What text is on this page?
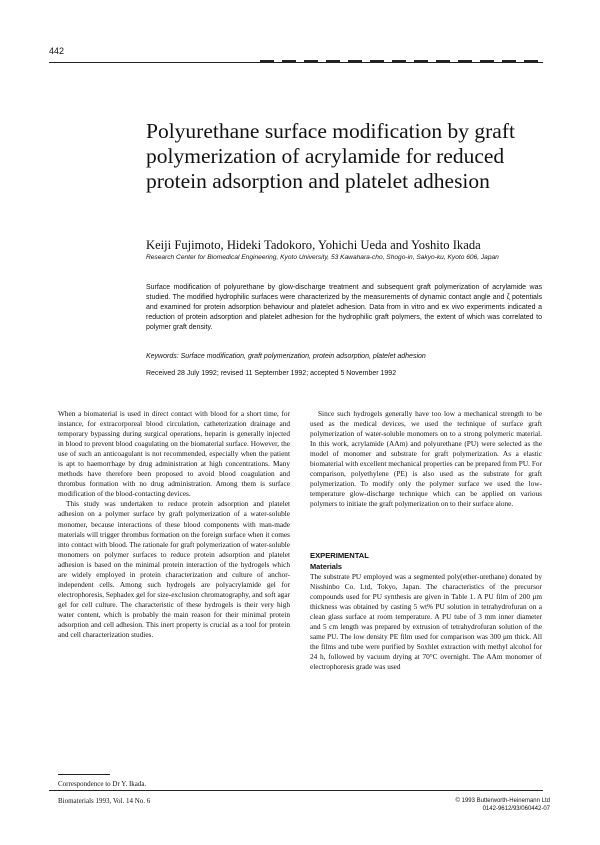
442
Polyurethane surface modification by graft polymerization of acrylamide for reduced protein adsorption and platelet adhesion
Keiji Fujimoto, Hideki Tadokoro, Yohichi Ueda and Yoshito Ikada
Research Center for Biomedical Engineering, Kyoto University, 53 Kawahara-cho, Shogo-in, Sakyo-ku, Kyoto 606, Japan

Surface modification of polyurethane by glow-discharge treatment and subsequent graft polymerization of acrylamide was studied. The modified hydrophilic surfaces were characterized by the measurements of dynamic contact angle and ζ potentials and examined for protein adsorption behaviour and platelet adhesion. Data from in vitro and ex vivo experiments indicated a reduction of protein adsorption and platelet adhesion for the hydrophilic graft polymers, the extent of which was correlated to polymer graft density.

Keywords: Surface modification, graft polymerization, protein adsorption, platelet adhesion
Received 28 July 1992; revised 11 September 1992; accepted 5 November 1992

When a biomaterial is used in direct contact with blood for a short time, for instance, for extracorporeal blood circulation, catheterization drainage and temporary bypassing during surgical operations, heparin is generally injected in blood to prevent blood coagulating on the biomaterial surface. However, the use of such an anticoagulant is not recommended, especially when the patient is apt to haemorrhage by drug administration at high concentrations. Many methods have therefore been proposed to avoid blood coagulation and thrombus formation with no drug administration. Among them is surface modification of the blood-contacting devices.

This study was undertaken to reduce protein adsorption and platelet adhesion on a polymer surface by graft polymerization of a water-soluble monomer, because interactions of these blood components with man-made materials will trigger thrombus formation on the foreign surface when it comes into contact with blood. The rationale for graft polymerization of water-soluble monomers on polymer surfaces to reduce protein adsorption and platelet adhesion is based on the minimal protein interaction of the hydrogels which are widely employed in protein characterization and culture of anchor-independent cells. Among such hydrogels are polyacrylamide gel for electrophoresis, Sephadex gel for size-exclusion chromatography, and soft agar gel for cell culture. The characteristic of these hydrogels is their very high water content, which is probably the main reason for their minimal protein adsorption and cell adhesion. This inert property is crucial as a tool for protein and cell characterization studies.

Since such hydrogels generally have too low a mechanical strength to be used as the medical devices, we used the technique of surface graft polymerization of water-soluble monomers on to a strong polymeric material. In this work, acrylamide (AAm) and polyurethane (PU) were selected as the model of monomer and substrate for graft polymerization. As a elastic biomaterial with excellent mechanical properties can be prepared from PU. For comparison, polyethylene (PE) is also used as the substrate for graft polymerization. To modify only the polymer surface we used the low-temperature glow-discharge technique which can be applied on various polymers to initiate the graft polymerization on to their surface alone.

EXPERIMENTAL

Materials

The substrate PU employed was a segmented poly(ether-urethane) donated by Nisshinbo Co. Ltd, Tokyo, Japan. The characteristics of the precursor compounds used for PU synthesis are given in Table 1. A PU film of 200 μm thickness was obtained by casting 5 wt% PU solution in tetrahydrofuran on a clean glass surface at room temperature. A PU tube of 3 mm inner diameter and 5 cm length was prepared by extrusion of tetrahydrofuran solution of the same PU. The low density PE film used for comparison was 300 μm thick. All the films and tube were purified by Soxhlet extraction with methyl alcohol for 24 h, followed by vacuum drying at 70°C overnight. The AAm monomer of electrophoresis grade was used

Correspondence to Dr Y. Ikada.
Biomaterials 1993, Vol. 14 No. 6	© 1993 Butterworth-Heinemann Ltd
0142-9612/93/060442-07
